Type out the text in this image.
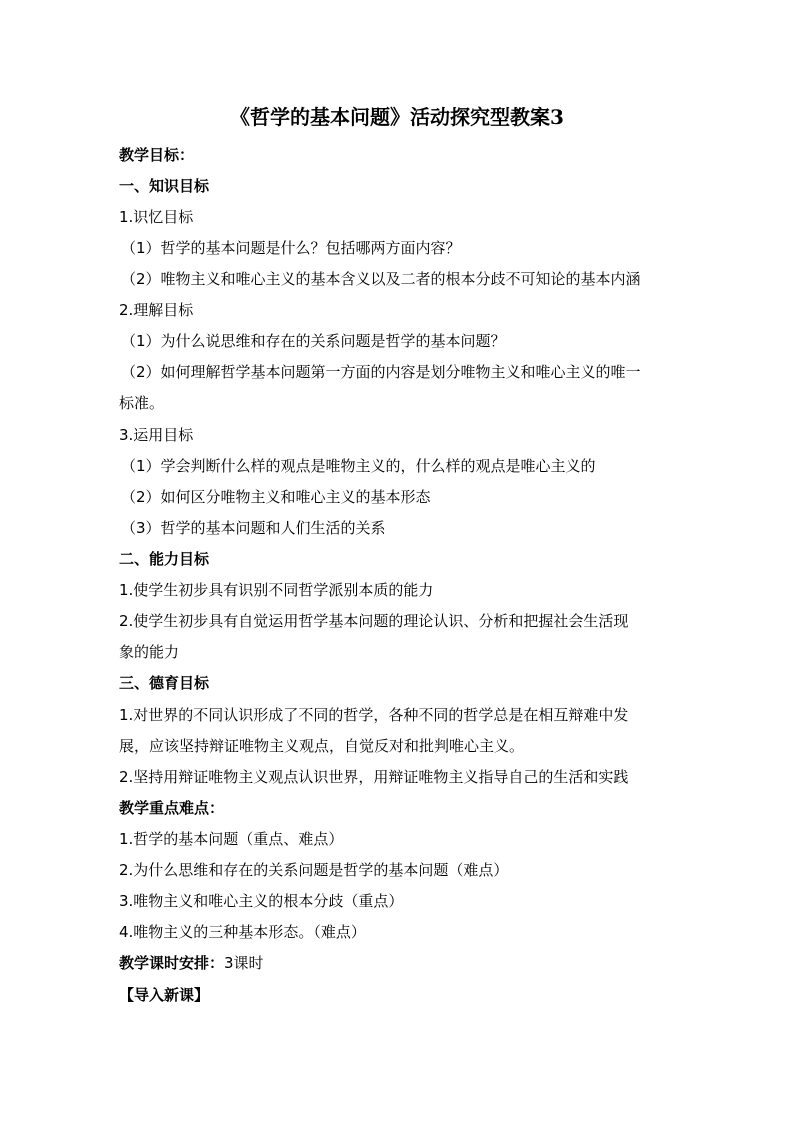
《哲学的基本问题》活动探究型教案3
教学目标：
一、知识目标
1.识忆目标
（1）哲学的基本问题是什么？包括哪两方面内容？
（2）唯物主义和唯心主义的基本含义以及二者的根本分歧不可知论的基本内涵
2.理解目标
（1）为什么说思维和存在的关系问题是哲学的基本问题？
（2）如何理解哲学基本问题第一方面的内容是划分唯物主义和唯心主义的唯一
标准。
3.运用目标
（1）学会判断什么样的观点是唯物主义的，什么样的观点是唯心主义的
（2）如何区分唯物主义和唯心主义的基本形态
（3）哲学的基本问题和人们生活的关系
二、能力目标
1.使学生初步具有识别不同哲学派别本质的能力
2.使学生初步具有自觉运用哲学基本问题的理论认识、分析和把握社会生活现
象的能力
三、德育目标
1.对世界的不同认识形成了不同的哲学，各种不同的哲学总是在相互辩难中发
展，应该坚持辩证唯物主义观点，自觉反对和批判唯心主义。
2.坚持用辩证唯物主义观点认识世界，用辩证唯物主义指导自己的生活和实践
教学重点难点：
1.哲学的基本问题（重点、难点）
2.为什么思维和存在的关系问题是哲学的基本问题（难点）
3.唯物主义和唯心主义的根本分歧（重点）
4.唯物主义的三种基本形态。（难点）
教学课时安排：3课时
【导入新课】
